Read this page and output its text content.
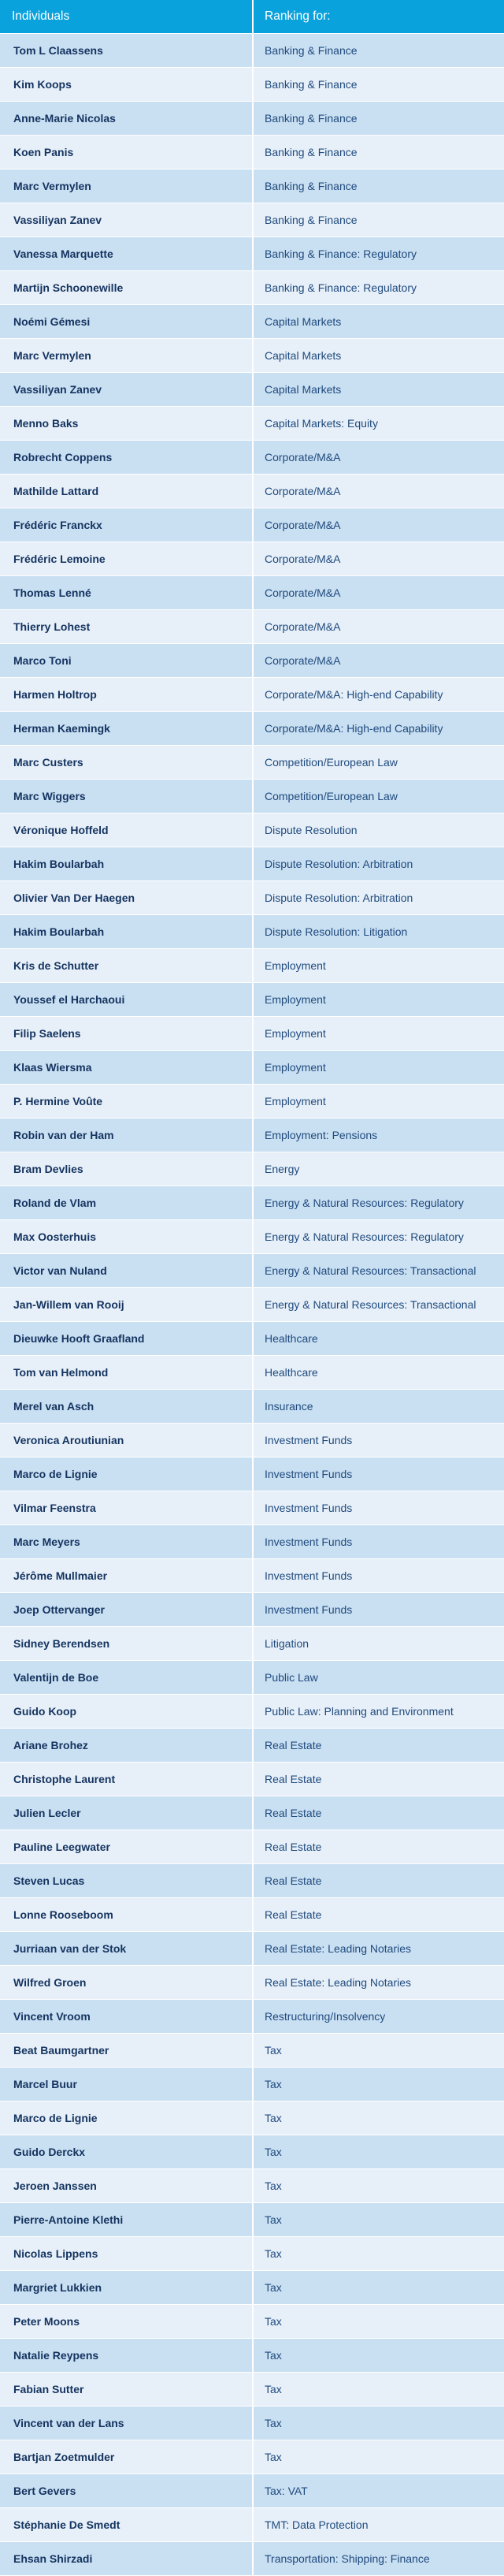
Individuals	Ranking for:
Tom L Claassens	Banking & Finance
Kim Koops	Banking & Finance
Anne-Marie Nicolas	Banking & Finance
Koen Panis	Banking & Finance
Marc Vermylen	Banking & Finance
Vassiliyan Zanev	Banking & Finance
Vanessa Marquette	Banking & Finance: Regulatory
Martijn Schoonewille	Banking & Finance: Regulatory
Noémi Gémesi	Capital Markets
Marc Vermylen	Capital Markets
Vassiliyan Zanev	Capital Markets
Menno Baks	Capital Markets: Equity
Robrecht Coppens	Corporate/M&A
Mathilde Lattard	Corporate/M&A
Frédéric Franckx	Corporate/M&A
Frédéric Lemoine	Corporate/M&A
Thomas Lenné	Corporate/M&A
Thierry Lohest	Corporate/M&A
Marco Toni	Corporate/M&A
Harmen Holtrop	Corporate/M&A: High-end Capability
Herman Kaemingk	Corporate/M&A: High-end Capability
Marc Custers	Competition/European Law
Marc Wiggers	Competition/European Law
Véronique Hoffeld	Dispute Resolution
Hakim Boularbah	Dispute Resolution: Arbitration
Olivier Van Der Haegen	Dispute Resolution: Arbitration
Hakim Boularbah	Dispute Resolution: Litigation
Kris de Schutter	Employment
Youssef el Harchaoui	Employment
Filip Saelens	Employment
Klaas Wiersma	Employment
P. Hermine Voûte	Employment
Robin van der Ham	Employment: Pensions
Bram Devlies	Energy
Roland de Vlam	Energy & Natural Resources: Regulatory
Max Oosterhuis	Energy & Natural Resources: Regulatory
Victor van Nuland	Energy & Natural Resources: Transactional
Jan-Willem van Rooij	Energy & Natural Resources: Transactional
Dieuwke Hooft Graafland	Healthcare
Tom van Helmond	Healthcare
Merel van Asch	Insurance
Veronica Aroutiunian	Investment Funds
Marco de Lignie	Investment Funds
Vilmar Feenstra	Investment Funds
Marc Meyers	Investment Funds
Jérôme Mullmaier	Investment Funds
Joep Ottervanger	Investment Funds
Sidney Berendsen	Litigation
Valentijn de Boe	Public Law
Guido Koop	Public Law: Planning and Environment
Ariane Brohez	Real Estate
Christophe Laurent	Real Estate
Julien Lecler	Real Estate
Pauline Leegwater	Real Estate
Steven Lucas	Real Estate
Lonne Rooseboom	Real Estate
Jurriaan van der Stok	Real Estate: Leading Notaries
Wilfred Groen	Real Estate: Leading Notaries
Vincent Vroom	Restructuring/Insolvency
Beat Baumgartner	Tax
Marcel Buur	Tax
Marco de Lignie	Tax
Guido Derckx	Tax
Jeroen Janssen	Tax
Pierre-Antoine Klethi	Tax
Nicolas Lippens	Tax
Margriet Lukkien	Tax
Peter Moons	Tax
Natalie Reypens	Tax
Fabian Sutter	Tax
Vincent van der Lans	Tax
Bartjan Zoetmulder	Tax
Bert Gevers	Tax: VAT
Stéphanie De Smedt	TMT: Data Protection
Ehsan Shirzadi	Transportation: Shipping: Finance
